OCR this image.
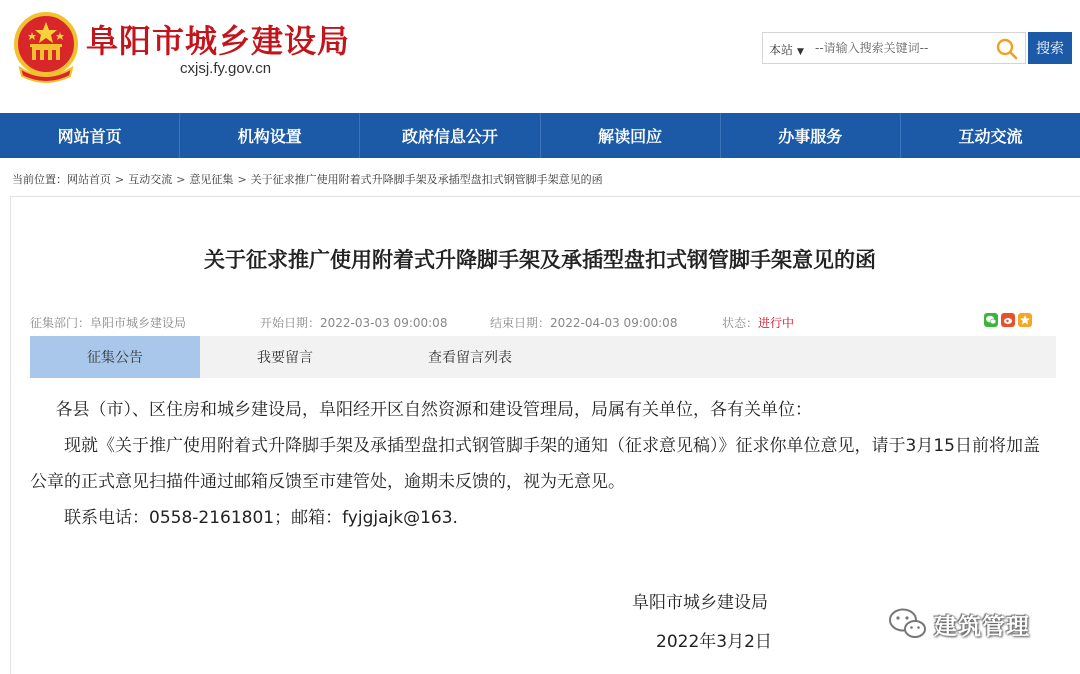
阜阳市城乡建设局
cxjsj.fy.gov.cn
本站 ▼
--请输入搜索关键词--	搜索
网站首页	机构设置	政府信息公开	解读回应	办事服务	互动交流
当前位置： 网站首页 > 互动交流 > 意见征集 > 关于征求推广使用附着式升降脚手架及承插型盘扣式钢管脚手架意见的函
关于征求推广使用附着式升降脚手架及承插型盘扣式钢管脚手架意见的函
征集部门：阜阳市城乡建设局	开始日期：2022-03-03 09:00:08	结束日期：2022-04-03 09:00:08	状态：进行中
征集公告	我要留言	查看留言列表

各县（市）、区住房和城乡建设局，阜阳经开区自然资源和建设管理局，局属有关单位，各有关单位：

现就《关于推广使用附着式升降脚手架及承插型盘扣式钢管脚手架的通知（征求意见稿）》征求你单位意见，请于3月15日前将加盖公章的正式意见扫描件通过邮箱反馈至市建管处，逾期未反馈的，视为无意见。

联系电话：0558-2161801；邮箱：fyjgjajk@163.

阜阳市城乡建设局
2022年3月2日
建筑管理
